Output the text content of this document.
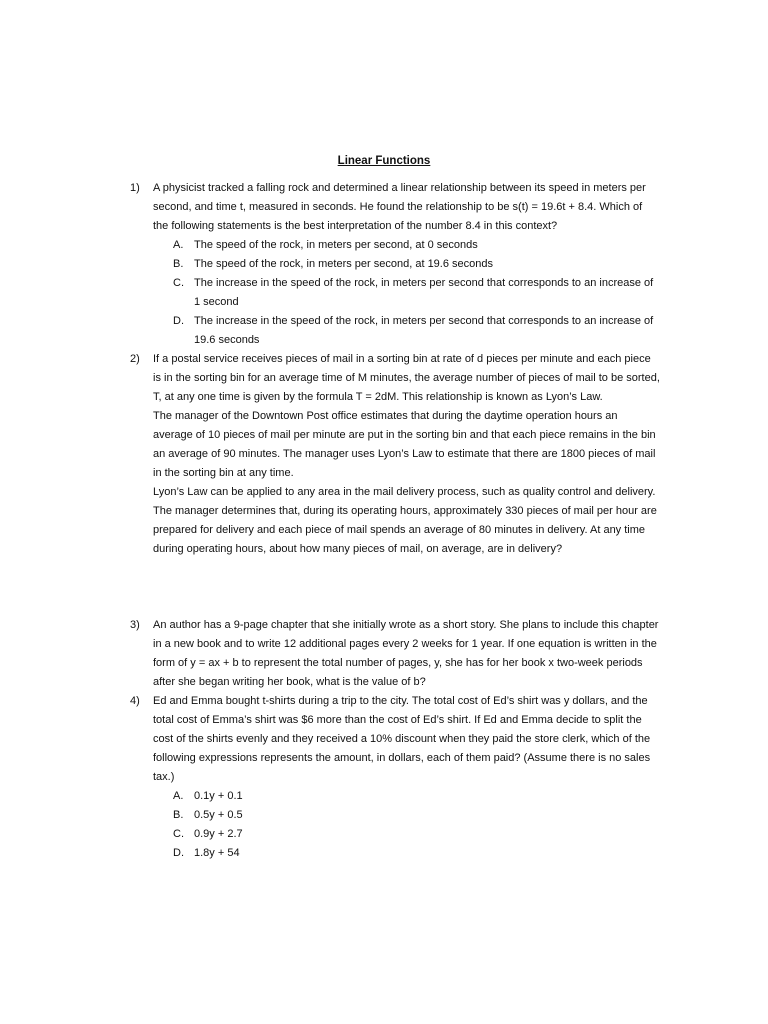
Linear Functions
1) A physicist tracked a falling rock and determined a linear relationship between its speed in meters per second, and time t, measured in seconds. He found the relationship to be s(t) = 19.6t + 8.4. Which of the following statements is the best interpretation of the number 8.4 in this context?

A. The speed of the rock, in meters per second, at 0 seconds
B. The speed of the rock, in meters per second, at 19.6 seconds
C. The increase in the speed of the rock, in meters per second that corresponds to an increase of 1 second
D. The increase in the speed of the rock, in meters per second that corresponds to an increase of 19.6 seconds
2) If a postal service receives pieces of mail in a sorting bin at rate of d pieces per minute and each piece is in the sorting bin for an average time of M minutes, the average number of pieces of mail to be sorted, T, at any one time is given by the formula T = 2dM. This relationship is known as Lyon’s Law.

The manager of the Downtown Post office estimates that during the daytime operation hours an average of 10 pieces of mail per minute are put in the sorting bin and that each piece remains in the bin an average of 90 minutes. The manager uses Lyon’s Law to estimate that there are 1800 pieces of mail in the sorting bin at any time.

Lyon’s Law can be applied to any area in the mail delivery process, such as quality control and delivery. The manager determines that, during its operating hours, approximately 330 pieces of mail per hour are prepared for delivery and each piece of mail spends an average of 80 minutes in delivery. At any time during operating hours, about how many pieces of mail, on average, are in delivery?

3) An author has a 9-page chapter that she initially wrote as a short story. She plans to include this chapter in a new book and to write 12 additional pages every 2 weeks for 1 year. If one equation is written in the form of y = ax + b to represent the total number of pages, y, she has for her book x two-week periods after she began writing her book, what is the value of b?

4) Ed and Emma bought t-shirts during a trip to the city. The total cost of Ed’s shirt was y dollars, and the total cost of Emma’s shirt was $6 more than the cost of Ed’s shirt. If Ed and Emma decide to split the cost of the shirts evenly and they received a 10% discount when they paid the store clerk, which of the following expressions represents the amount, in dollars, each of them paid? (Assume there is no sales tax.)

A. 0.1y + 0.1
B. 0.5y + 0.5
C. 0.9y + 2.7
D. 1.8y + 54
